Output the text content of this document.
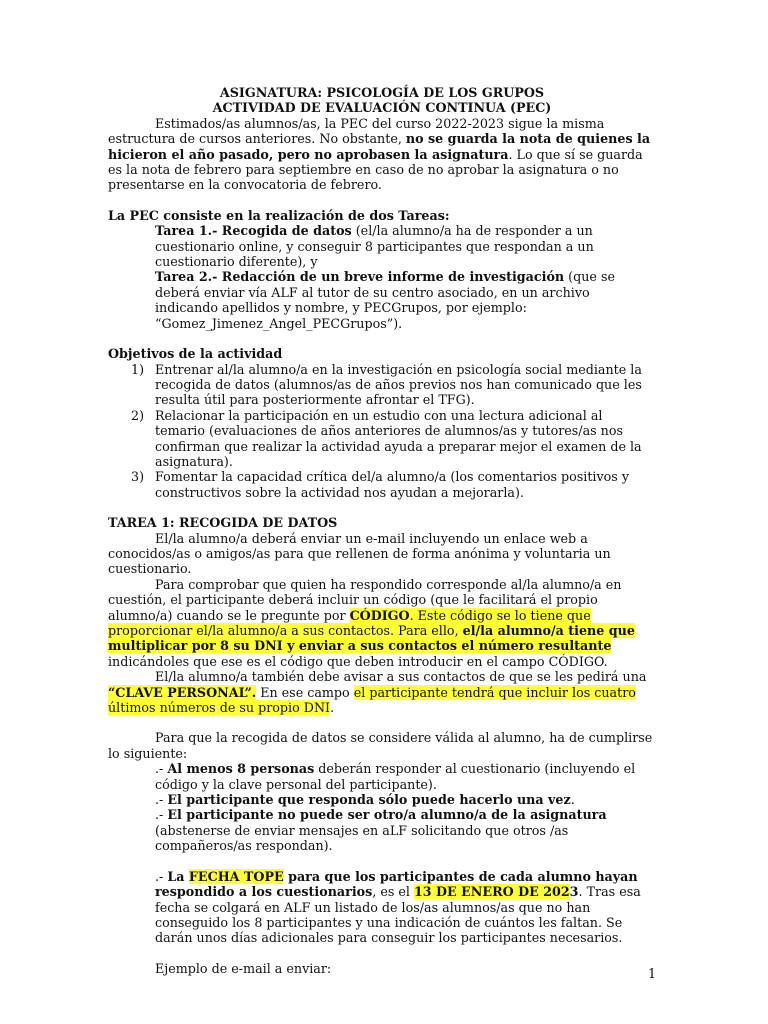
ASIGNATURA: PSICOLOGÍA DE LOS GRUPOS

ACTIVIDAD DE EVALUACIÓN CONTINUA (PEC)

Estimados/as alumnos/as, la PEC del curso 2022-2023 sigue la misma estructura de cursos anteriores. No obstante, no se guarda la nota de quienes la hicieron el año pasado, pero no aprobasen la asignatura. Lo que sí se guarda es la nota de febrero para septiembre en caso de no aprobar la asignatura o no presentarse en la convocatoria de febrero.

La PEC consiste en la realización de dos Tareas:

Tarea 1.- Recogida de datos (el/la alumno/a ha de responder a un cuestionario online, y conseguir 8 participantes que respondan a un cuestionario diferente), y

Tarea 2.- Redacción de un breve informe de investigación (que se deberá enviar vía ALF al tutor de su centro asociado, en un archivo indicando apellidos y nombre, y PECGrupos, por ejemplo: “Gomez_Jimenez_Angel_PECGrupos”).

Objetivos de la actividad

1) Entrenar al/la alumno/a en la investigación en psicología social mediante la recogida de datos (alumnos/as de años previos nos han comunicado que les resulta útil para posteriormente afrontar el TFG).
2) Relacionar la participación en un estudio con una lectura adicional al temario (evaluaciones de años anteriores de alumnos/as y tutores/as nos confirman que realizar la actividad ayuda a preparar mejor el examen de la asignatura).
3) Fomentar la capacidad crítica del/a alumno/a (los comentarios positivos y constructivos sobre la actividad nos ayudan a mejorarla).

TAREA 1: RECOGIDA DE DATOS

El/la alumno/a deberá enviar un e-mail incluyendo un enlace web a conocidos/as o amigos/as para que rellenen de forma anónima y voluntaria un cuestionario.

Para comprobar que quien ha respondido corresponde al/la alumno/a en cuestión, el participante deberá incluir un código (que le facilitará el propio alumno/a) cuando se le pregunte por CÓDIGO. Este código se lo tiene que proporcionar el/la alumno/a a sus contactos. Para ello, el/la alumno/a tiene que multiplicar por 8 su DNI y enviar a sus contactos el número resultante indicándoles que ese es el código que deben introducir en el campo CÓDIGO.

El/la alumno/a también debe avisar a sus contactos de que se les pedirá una “CLAVE PERSONAL”. En ese campo el participante tendrá que incluir los cuatro últimos números de su propio DNI.

Para que la recogida de datos se considere válida al alumno, ha de cumplirse lo siguiente:

.- Al menos 8 personas deberán responder al cuestionario (incluyendo el código y la clave personal del participante).

.- El participante que responda sólo puede hacerlo una vez.

.- El participante no puede ser otro/a alumno/a de la asignatura (abstenerse de enviar mensajes en aLF solicitando que otros /as compañeros/as respondan).

.- La FECHA TOPE para que los participantes de cada alumno hayan respondido a los cuestionarios, es el 13 DE ENERO DE 2023. Tras esa fecha se colgará en ALF un listado de los/as alumnos/as que no han conseguido los 8 participantes y una indicación de cuántos les faltan. Se darán unos días adicionales para conseguir los participantes necesarios.

Ejemplo de e-mail a enviar:	1
